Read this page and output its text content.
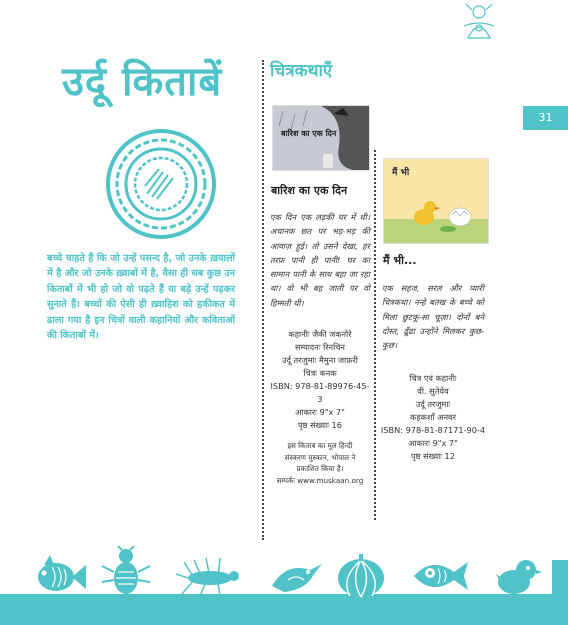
उर्दू किताबें
31
बच्चे चाहते हैं कि जो उन्हें पसन्द है, जो उनके ख़यालों में है और जो उनके ख़्वाबों में है, वैसा ही सब कुछ उन किताबों में भी हो जो वो पढ़ते हैं या बड़े उन्हें पढ़कर सुनाते हैं। बच्चों की ऐसी ही ख़्वाहिश को हकीकत में ढाला गया है इन चित्रों वाली कहानियों और कविताओं की किताबों में।
चित्रकथाएँ
बारिश का एक दिन
बारिश का एक दिन
एक दिन एक लड़की घर में थी। अचानक छत पर भड़-भड़ की आवाज़ हुई। तो उसने देखा, हर तरफ़ पानी ही पानी! घर का सामान पानी के साथ बहा जा रहा था। वो भी बह जाती पर वो हिम्मती थी।
कहानीः जैकी जकनोरे
सम्पादनः रिनचिन
उर्दू तरजुमाः मैमुना जाफ़री
चित्रः कनक
ISBN: 978-81-89976-45-3
आकारः 9"x 7"
पृष्ठ संख्याः 16
इस किताब का मूल हिन्दी
संस्करण मुस्कान, भोपाल ने
प्रकाशित किया है।
सम्पर्कः www.muskaan.org
मैं भी
मैं भी...
एक सहज, सरल और प्यारी चित्रकथा। नन्हे बतख के बच्चे को मिला छुटकू-सा चूज़ा। दोनों बने दोस्त, ढूँढा उन्होंने मिलकर कुछ-कुछ।
चित्र एवं कहानीः
वी. सुतेयेव
उर्दू तरजुमाः
कहकशाँ अनवर
ISBN: 978-81-87171-90-4
आकारः 9"x 7"
पृष्ठ संख्याः 12
